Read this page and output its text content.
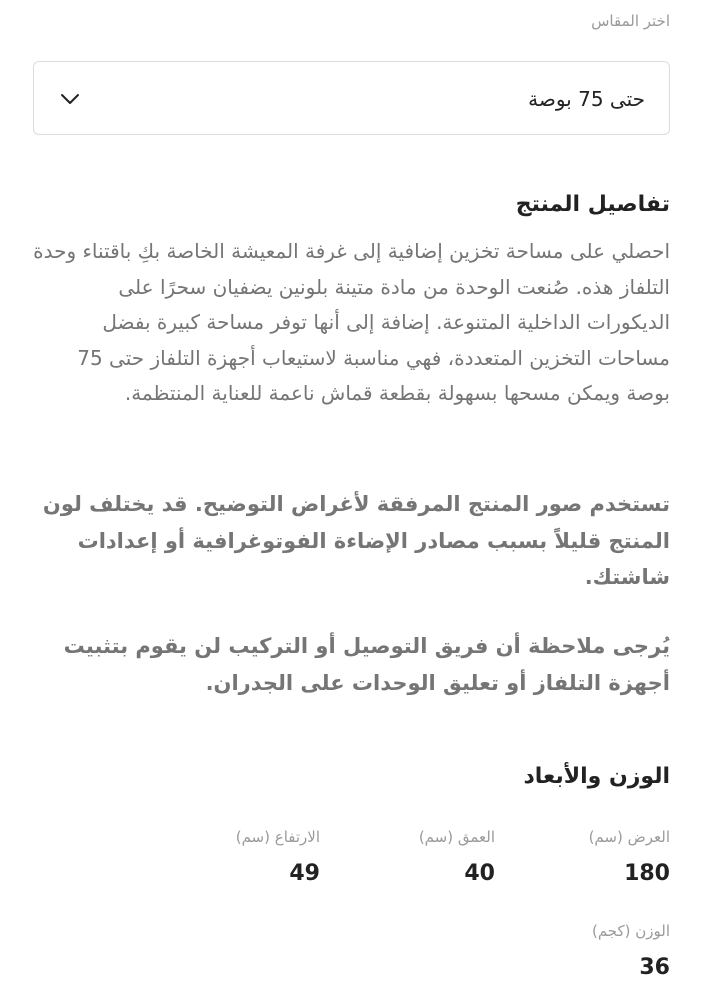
اختر المقاس
حتى 75 بوصة
تفاصيل المنتج

احصلي على مساحة تخزين إضافية إلى غرفة المعيشة الخاصة بكِ باقتناء وحدة التلفاز هذه. صُنعت الوحدة من مادة متينة بلونين يضفيان سحرًا على الديكورات الداخلية المتنوعة. إضافة إلى أنها توفر مساحة كبيرة بفضل مساحات التخزين المتعددة، فهي مناسبة لاستيعاب أجهزة التلفاز حتى 75 بوصة ويمكن مسحها بسهولة بقطعة قماش ناعمة للعناية المنتظمة.

تستخدم صور المنتج المرفقة لأغراض التوضيح. قد يختلف لون المنتج قليلاً بسبب مصادر الإضاءة الفوتوغرافية أو إعدادات شاشتك.

يُرجى ملاحظة أن فريق التوصيل أو التركيب لن يقوم بتثبيت أجهزة التلفاز أو تعليق الوحدات على الجدران.

الوزن والأبعاد
العرض (سم)
180
العمق (سم)
40
الارتفاع (سم)
49
الوزن (كجم)
36
